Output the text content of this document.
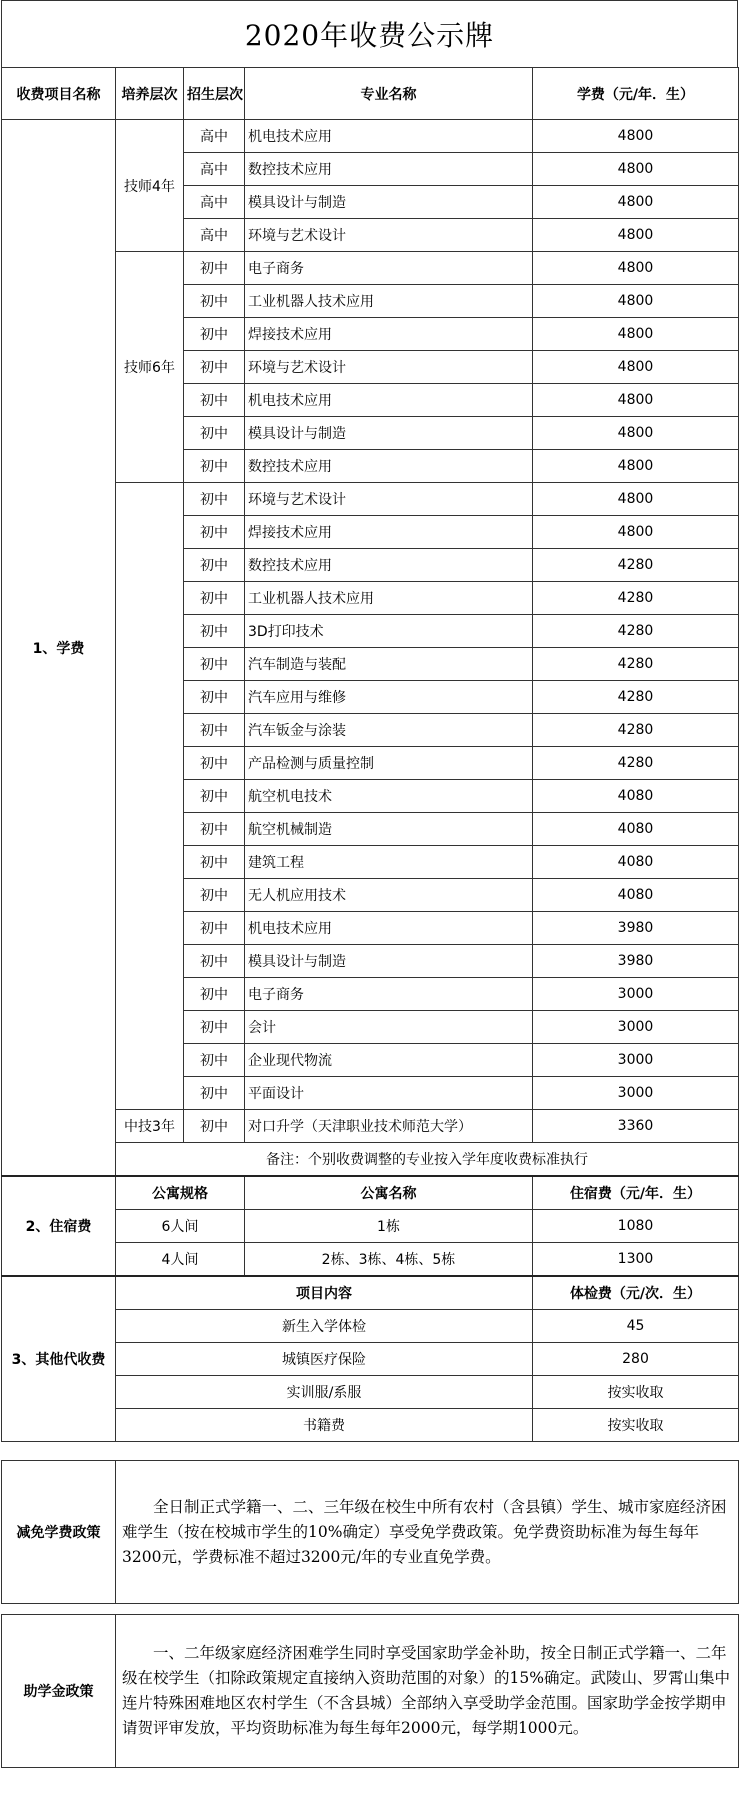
2020年收费公示牌
收费项目名称	培养层次	招生层次	专业名称	学费（元/年．生）
1、学费	技师4年	高中	机电技术应用	4800
		高中	数控技术应用	4800
		高中	模具设计与制造	4800
		高中	环境与艺术设计	4800
	技师6年	初中	电子商务	4800
		初中	工业机器人技术应用	4800
		初中	焊接技术应用	4800
		初中	环境与艺术设计	4800
		初中	机电技术应用	4800
		初中	模具设计与制造	4800
		初中	数控技术应用	4800
		初中	环境与艺术设计	4800
		初中	焊接技术应用	4800
		初中	数控技术应用	4280
		初中	工业机器人技术应用	4280
		初中	3D打印技术	4280
		初中	汽车制造与装配	4280
		初中	汽车应用与维修	4280
		初中	汽车钣金与涂装	4280
		初中	产品检测与质量控制	4280
		初中	航空机电技术	4080
		初中	航空机械制造	4080
		初中	建筑工程	4080
		初中	无人机应用技术	4080
		初中	机电技术应用	3980
		初中	模具设计与制造	3980
		初中	电子商务	3000
		初中	会计	3000
		初中	企业现代物流	3000
		初中	平面设计	3000
	中技3年	初中	对口升学（天津职业技术师范大学）	3360
	备注：个别收费调整的专业按入学年度收费标准执行			
2、住宿费	公寓规格		公寓名称	住宿费（元/年．生）
	6人间		1栋	1080
	4人间		2栋、3栋、4栋、5栋	1300
3、其他代收费	项目内容			体检费（元/次．生）
	新生入学体检			45
	城镇医疗保险			280
	实训服/系服			按实收取
	书籍费			按实收取
减免学费政策	全日制正式学籍一、二、三年级在校生中所有农村（含县镇）学生、城市家庭经济困难学生（按在校城市学生的10%确定）享受免学费政策。免学费资助标准为每生每年3200元，学费标准不超过3200元/年的专业直免学费。
助学金政策	一、二年级家庭经济困难学生同时享受国家助学金补助，按全日制正式学籍一、二年级在校学生（扣除政策规定直接纳入资助范围的对象）的15%确定。武陵山、罗霄山集中连片特殊困难地区农村学生（不含县城）全部纳入享受助学金范围。国家助学金按学期申请贺评审发放，平均资助标准为每生每年2000元，每学期1000元。
